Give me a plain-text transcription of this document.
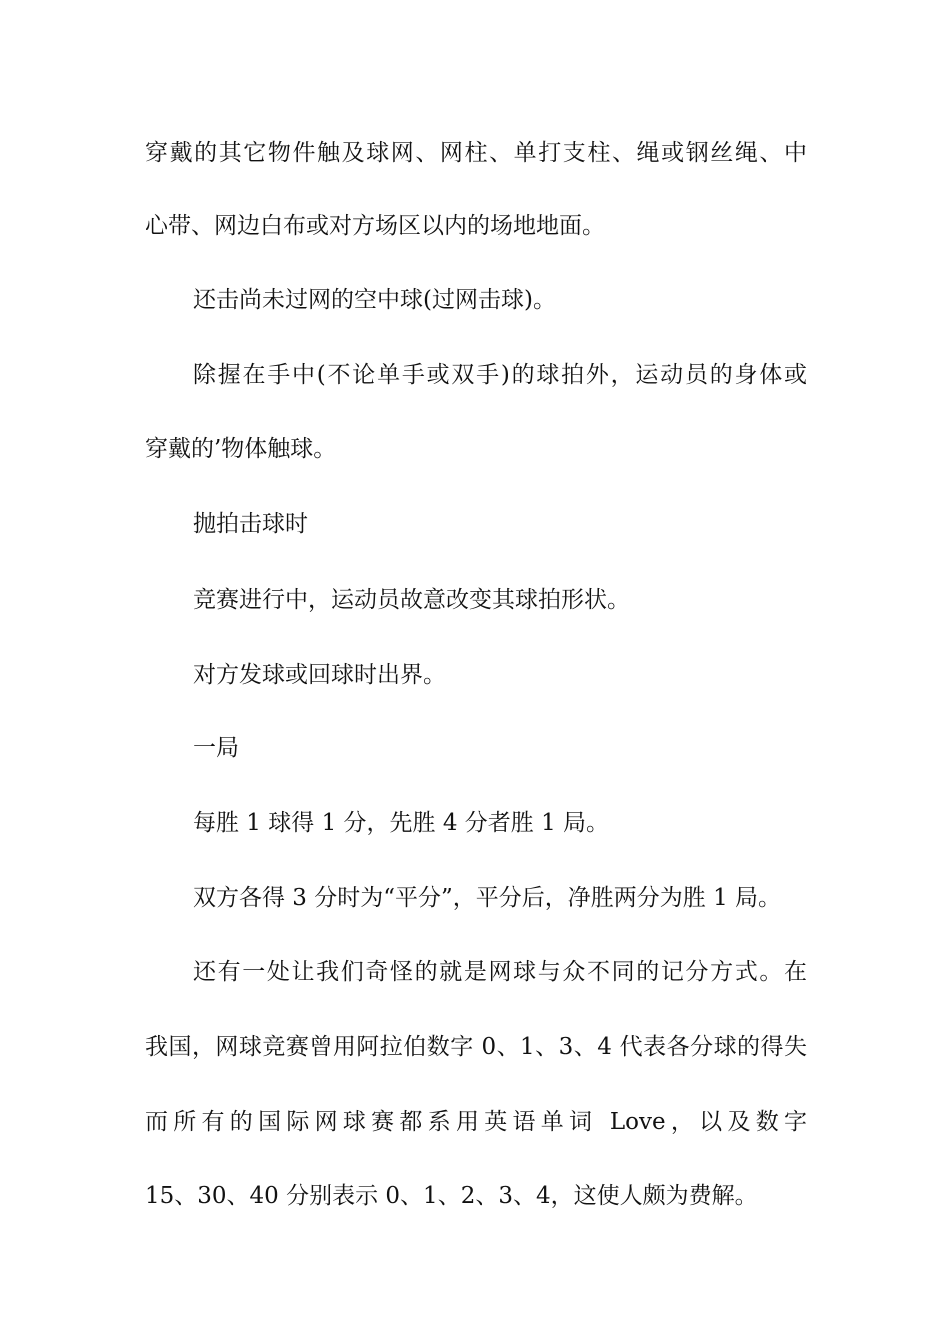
穿戴的其它物件触及球网、网柱、单打支柱、绳或钢丝绳、中
心带、网边白布或对方场区以内的场地地面。
还击尚未过网的空中球(过网击球)。
除握在手中(不论单手或双手)的球拍外，运动员的身体或
穿戴的’物体触球。
抛拍击球时
竞赛进行中，运动员故意改变其球拍形状。
对方发球或回球时出界。
一局
每胜 1 球得 1 分，先胜 4 分者胜 1 局。
双方各得 3 分时为“平分”，平分后，净胜两分为胜 1 局。
还有一处让我们奇怪的就是网球与众不同的记分方式。在
我国，网球竞赛曾用阿拉伯数字 0、1、3、4 代表各分球的得失
而所有的国际网球赛都系用英语单词 Love，以及数字
15、30、40 分别表示 0、1、2、3、4，这使人颇为费解。
